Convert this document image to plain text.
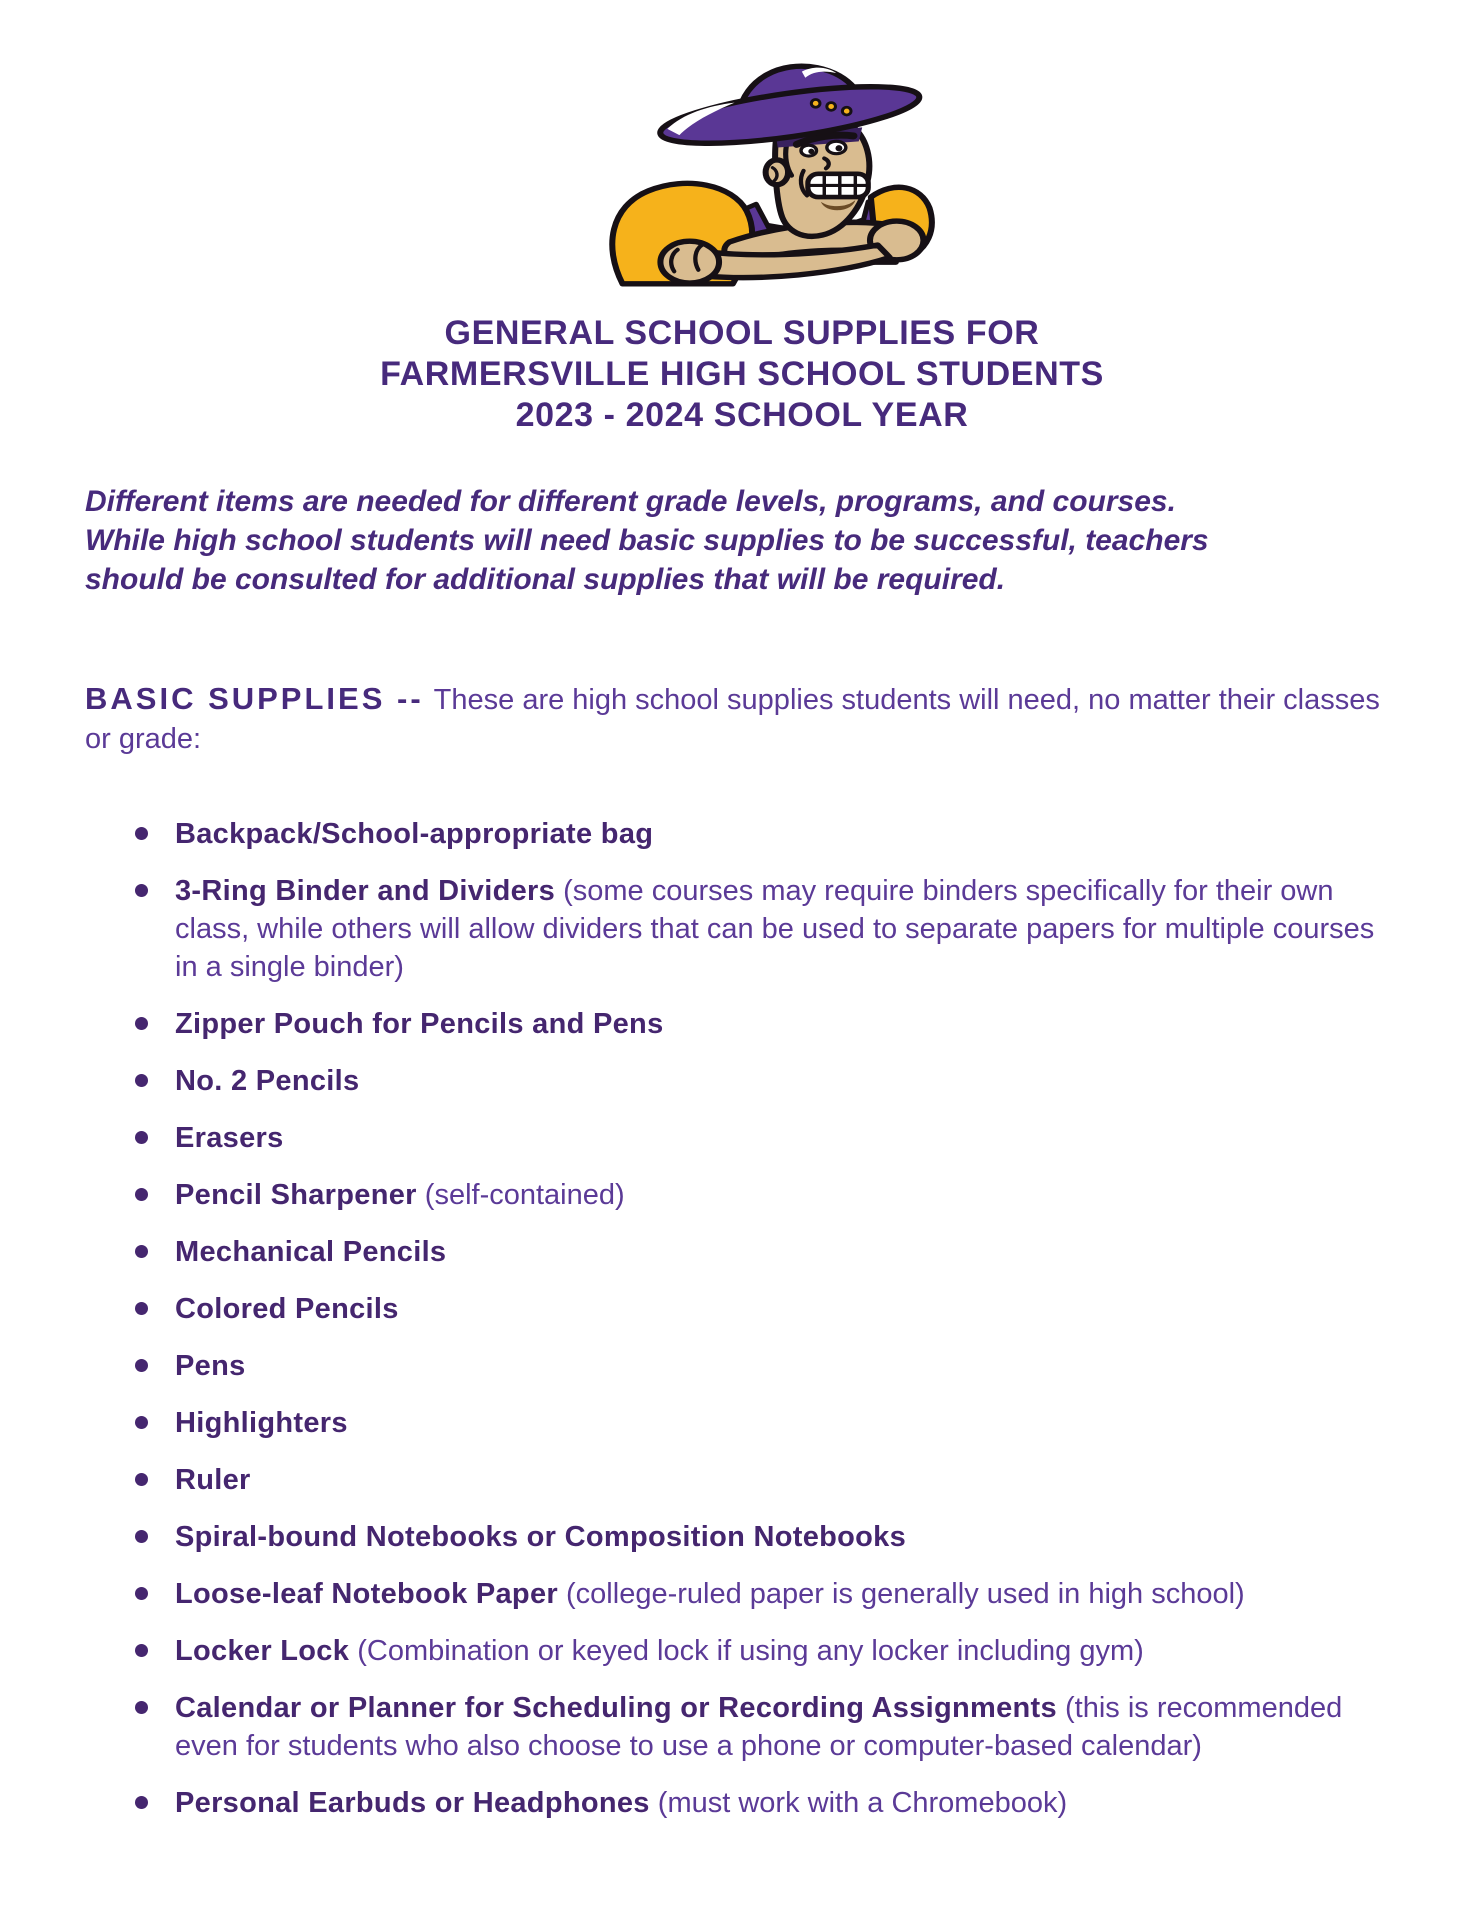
GENERAL SCHOOL SUPPLIES FOR
FARMERSVILLE HIGH SCHOOL STUDENTS
2023 - 2024 SCHOOL YEAR

Different items are needed for different grade levels, programs, and courses.
While high school students will need basic supplies to be successful, teachers
should be consulted for additional supplies that will be required.

BASIC SUPPLIES -- These are high school supplies students will need, no matter their classes or grade:
Backpack/School-appropriate bag
3-Ring Binder and Dividers (some courses may require binders specifically for their own class, while others will allow dividers that can be used to separate papers for multiple courses in a single binder)
Zipper Pouch for Pencils and Pens
No. 2 Pencils
Erasers
Pencil Sharpener (self-contained)
Mechanical Pencils
Colored Pencils
Pens
Highlighters
Ruler
Spiral-bound Notebooks or Composition Notebooks
Loose-leaf Notebook Paper (college-ruled paper is generally used in high school)
Locker Lock (Combination or keyed lock if using any locker including gym)
Calendar or Planner for Scheduling or Recording Assignments (this is recommended even for students who also choose to use a phone or computer-based calendar)
Personal Earbuds or Headphones (must work with a Chromebook)
